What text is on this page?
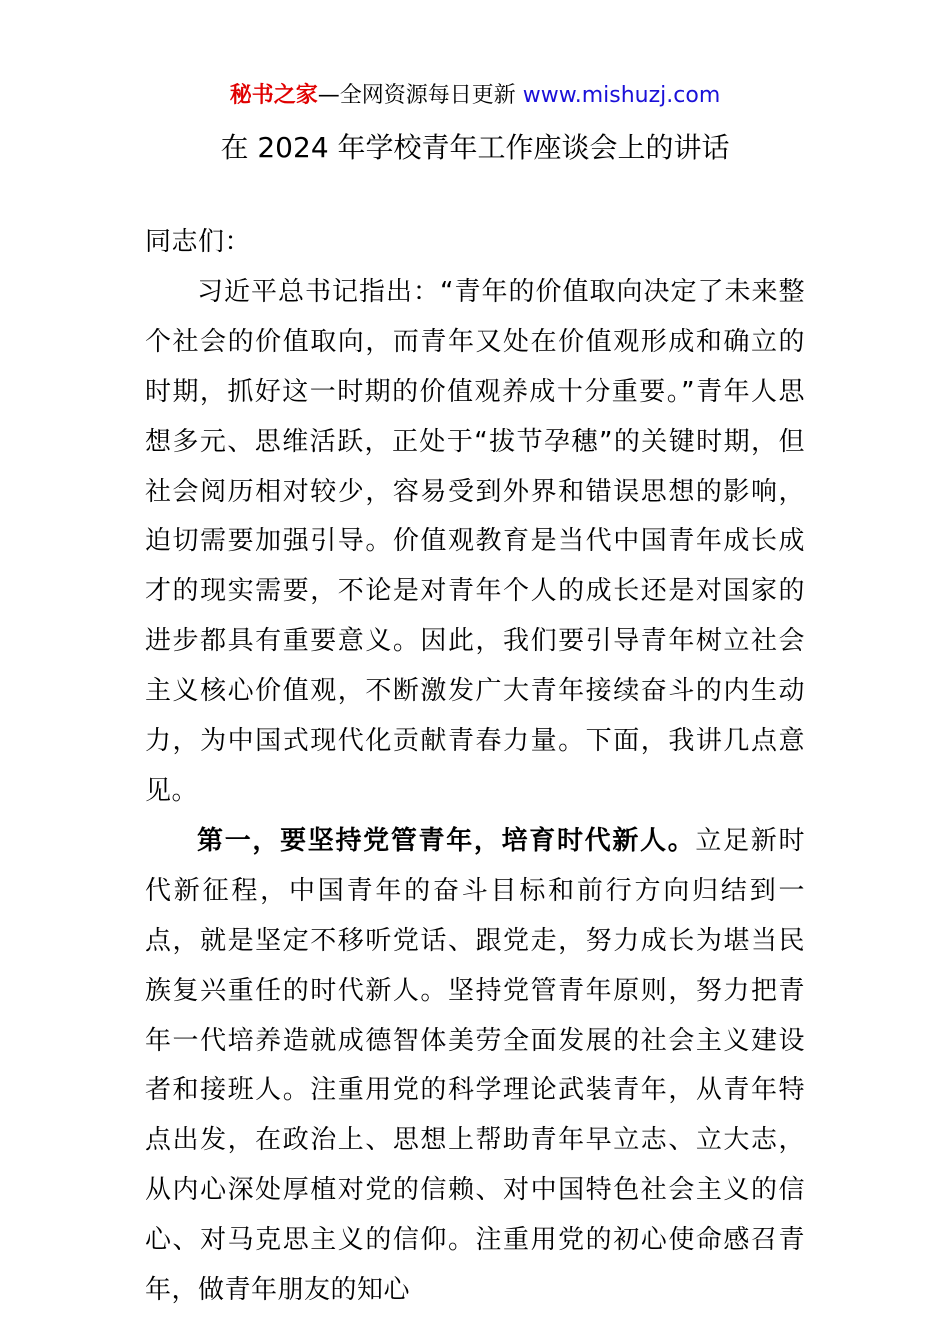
秘书之家—全网资源每日更新 www.mishuzj.com
在 2024 年学校青年工作座谈会上的讲话

同志们：

习近平总书记指出：“青年的价值取向决定了未来整个社会的价值取向，而青年又处在价值观形成和确立的时期，抓好这一时期的价值观养成十分重要。”青年人思想多元、思维活跃，正处于“拔节孕穗”的关键时期，但社会阅历相对较少，容易受到外界和错误思想的影响，迫切需要加强引导。价值观教育是当代中国青年成长成才的现实需要，不论是对青年个人的成长还是对国家的进步都具有重要意义。因此，我们要引导青年树立社会主义核心价值观，不断激发广大青年接续奋斗的内生动力，为中国式现代化贡献青春力量。下面，我讲几点意见。

第一，要坚持党管青年，培育时代新人。立足新时代新征程，中国青年的奋斗目标和前行方向归结到一点，就是坚定不移听党话、跟党走，努力成长为堪当民族复兴重任的时代新人。坚持党管青年原则，努力把青年一代培养造就成德智体美劳全面发展的社会主义建设者和接班人。注重用党的科学理论武装青年，从青年特点出发，在政治上、思想上帮助青年早立志、立大志，从内心深处厚植对党的信赖、对中国特色社会主义的信心、对马克思主义的信仰。注重用党的初心使命感召青年，做青年朋友的知心
